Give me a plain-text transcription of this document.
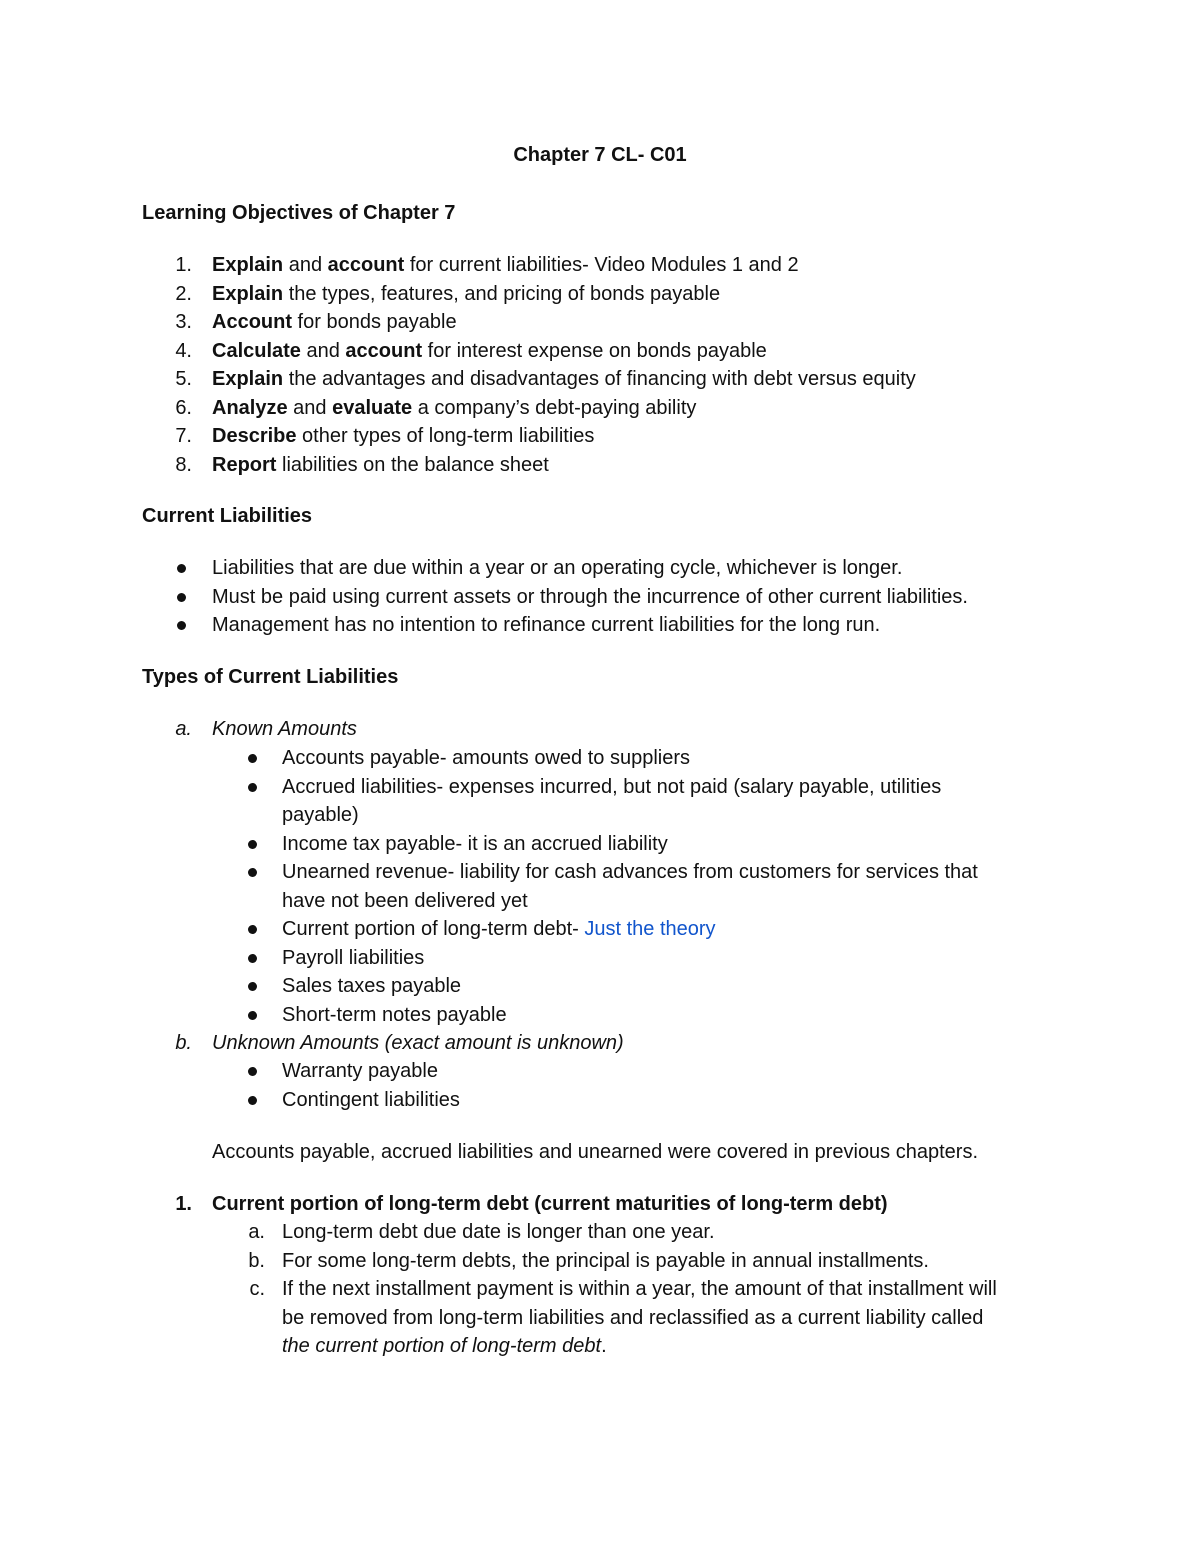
Chapter 7 CL- C01
Learning Objectives of Chapter 7
1. Explain and account for current liabilities- Video Modules 1 and 2
2. Explain the types, features, and pricing of bonds payable
3. Account for bonds payable
4. Calculate and account for interest expense on bonds payable
5. Explain the advantages and disadvantages of financing with debt versus equity
6. Analyze and evaluate a company’s debt-paying ability
7. Describe other types of long-term liabilities
8. Report liabilities on the balance sheet
Current Liabilities
Liabilities that are due within a year or an operating cycle, whichever is longer.
Must be paid using current assets or through the incurrence of other current liabilities.
Management has no intention to refinance current liabilities for the long run.
Types of Current Liabilities
a. Known Amounts
Accounts payable- amounts owed to suppliers
Accrued liabilities- expenses incurred, but not paid (salary payable, utilities
payable)
Income tax payable- it is an accrued liability
Unearned revenue- liability for cash advances from customers for services that
have not been delivered yet
Current portion of long-term debt- Just the theory
Payroll liabilities
Sales taxes payable
Short-term notes payable
b. Unknown Amounts (exact amount is unknown)
Warranty payable
Contingent liabilities
Accounts payable, accrued liabilities and unearned were covered in previous chapters.
1. Current portion of long-term debt (current maturities of long-term debt)
a. Long-term debt due date is longer than one year.
b. For some long-term debts, the principal is payable in annual installments.
c. If the next installment payment is within a year, the amount of that installment will
be removed from long-term liabilities and reclassified as a current liability called
the current portion of long-term debt.
